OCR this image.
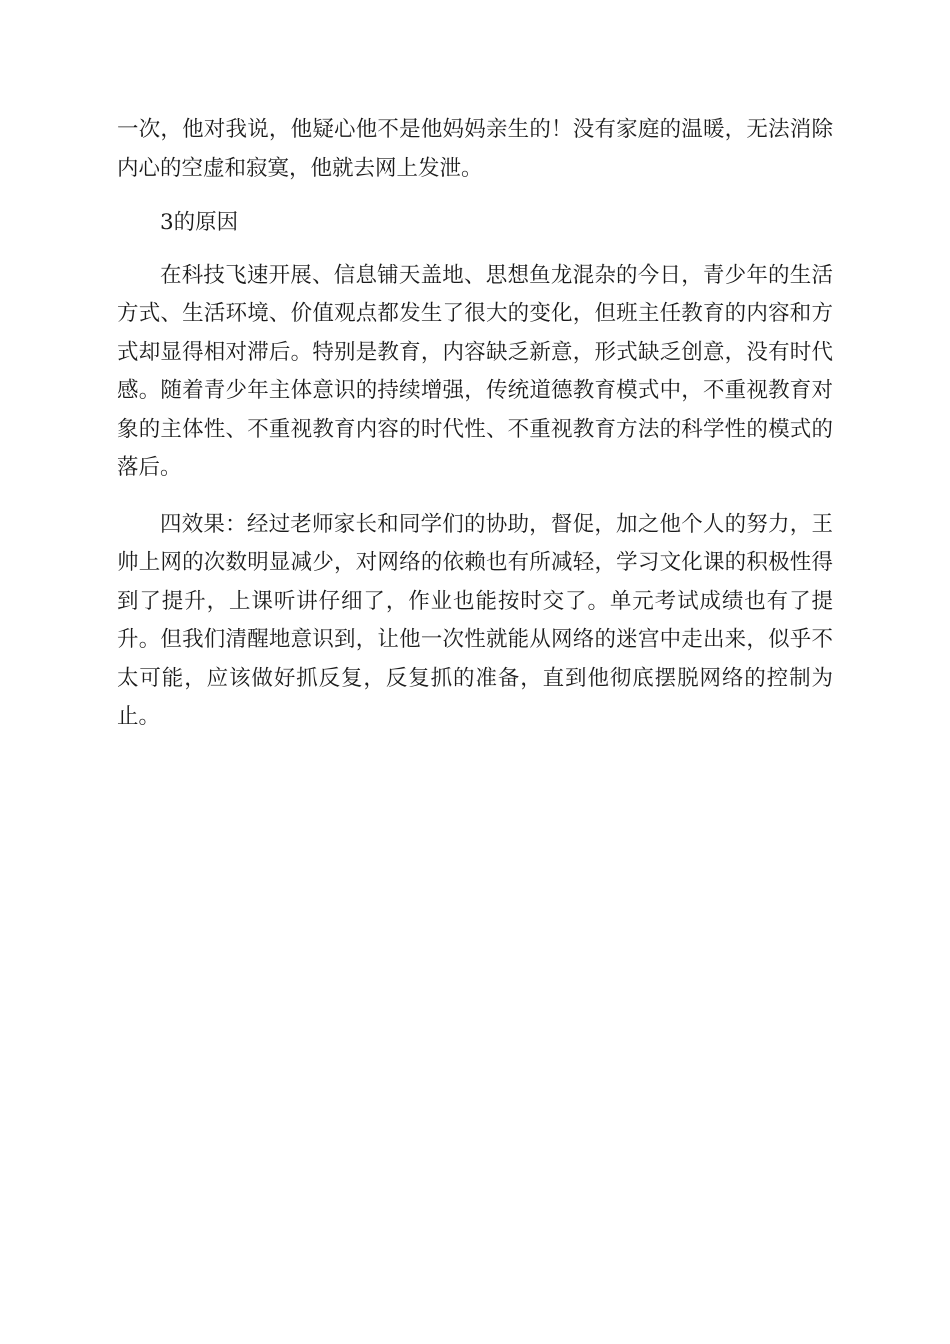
一次，他对我说，他疑心他不是他妈妈亲生的！没有家庭的温暖，无法消除内心的空虚和寂寞，他就去网上发泄。

3的原因

在科技飞速开展、信息铺天盖地、思想鱼龙混杂的今日，青少年的生活方式、生活环境、价值观点都发生了很大的变化，但班主任教育的内容和方式却显得相对滞后。特别是教育，内容缺乏新意，形式缺乏创意，没有时代感。随着青少年主体意识的持续增强，传统道德教育模式中，不重视教育对象的主体性、不重视教育内容的时代性、不重视教育方法的科学性的模式的落后。

四效果：经过老师家长和同学们的协助，督促，加之他个人的努力，王帅上网的次数明显减少，对网络的依赖也有所减轻，学习文化课的积极性得到了提升，上课听讲仔细了，作业也能按时交了。单元考试成绩也有了提升。但我们清醒地意识到，让他一次性就能从网络的迷宫中走出来，似乎不太可能，应该做好抓反复，反复抓的准备，直到他彻底摆脱网络的控制为止。
